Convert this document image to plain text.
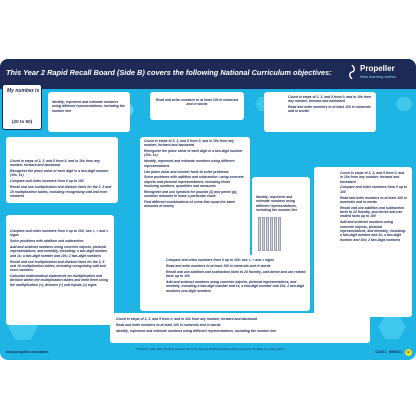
This Year 2 Rapid Recall Board (Side B) covers the following National Curriculum objectives:	Propeller
New learning further
My number is
(20 to 50)

Identify, represent and estimate numbers using different representations, including the number line

Read and write numbers to at least 100 in numerals and in words

Count in steps of 2, 3, and 5 from 0, and in 10s from any number, forward and backward

Read and write numbers to at least 100 in numerals and in words

Count in steps of 2, 3, and 5 from 0, and in 10s from any number, forward and backward

Recognise the place value of each digit in a two-digit number (10s, 1s)

Compare and order numbers from 0 up to 100

Recall and use multiplication and division facts for the 2, 5 and 10 multiplication tables, including recognising odd and even numbers

Count in steps of 2, 3, and 5 from 0, and in 10s from any number, forward and backward

Recognise the place value of each digit in a two-digit number (10s, 1s)

Identify, represent and estimate numbers using different representations

Use place value and number facts to solve problems

Solve problems with addition and subtraction: using concrete objects and pictorial representations, including those involving numbers, quantities and measures

Recognise and use symbols for pounds (£) and pence (p); combine amounts to make a particular value

Find different combinations of coins that equal the same amounts of money

Identify, represent and estimate numbers using different representations, including the number line

Count in steps of 2, 3, and 5 from 0, and in 10s from any number, forward and backward

Compare and order numbers from 0 up to 100

Read and write numbers to at least 100 in numerals and in words

Recall and use addition and subtraction facts to 20 fluently, and derive and use related facts up to 100

Add and subtract numbers using concrete objects, pictorial representations, and mentally, including: a two-digit number and 1s; a two-digit number and 10s; 2 two-digit numbers

Compare and order numbers from 0 up to 100; use <, > and = signs

Solve problems with addition and subtraction

Add and subtract numbers using concrete objects, pictorial representations, and mentally, including: a two-digit number and 1s; a two-digit number and 10s; 2 two-digit numbers

Recall and use multiplication and division facts for the 2, 5 and 10 multiplication tables, including recognising odd and even numbers

Calculate mathematical statements for multiplication and division within the multiplication tables and write them using the multiplication (×), division (÷) and equals (=) signs

Compare and order numbers from 0 up to 100; use <, > and = signs

Read and write numbers to at least 100 in numerals and in words

Recall and use addition and subtraction facts to 20 fluently, and derive and use related facts up to 100

Add and subtract numbers using concrete objects, pictorial representations, and mentally, including a two-digit number and 1s, a two-digit number and 10s, 2 two-digit numbers-one-digit numbers

Count in steps of 2, 3, and 5 from 0, and in 10s from any number, forward and backward

Read and write numbers to at least 100 in numerals and in words

Identify, represent and estimate numbers using different representations, including the number line

www.propeller.education
© Propeller. 2023, 2024. All rights reserved. Not to be copied or distributed without written permission. Propeller is a trading name.
C24071 · MIN0101	B
